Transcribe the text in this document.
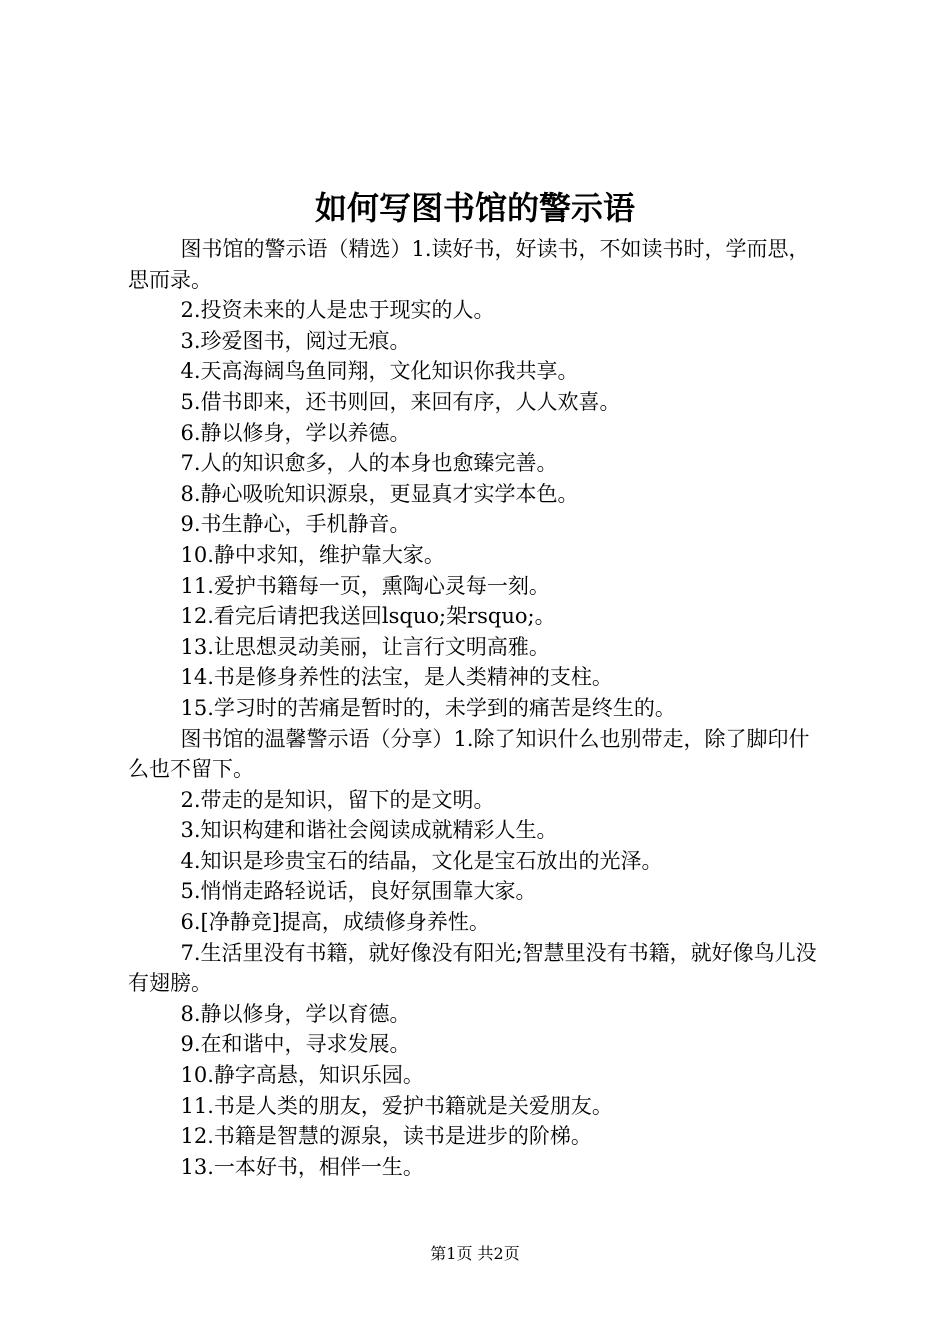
如何写图书馆的警示语

图书馆的警示语（精选）1.读好书，好读书，不如读书时，学而思，思而录。

2.投资未来的人是忠于现实的人。

3.珍爱图书，阅过无痕。

4.天高海阔鸟鱼同翔，文化知识你我共享。

5.借书即来，还书则回，来回有序，人人欢喜。

6.静以修身，学以养德。

7.人的知识愈多，人的本身也愈臻完善。

8.静心吸吮知识源泉，更显真才实学本色。

9.书生静心，手机静音。

10.静中求知，维护靠大家。

11.爱护书籍每一页，熏陶心灵每一刻。

12.看完后请把我送回lsquo;架rsquo;。

13.让思想灵动美丽，让言行文明高雅。

14.书是修身养性的法宝，是人类精神的支柱。

15.学习时的苦痛是暂时的，未学到的痛苦是终生的。

图书馆的温馨警示语（分享）1.除了知识什么也别带走，除了脚印什么也不留下。

2.带走的是知识，留下的是文明。

3.知识构建和谐社会阅读成就精彩人生。

4.知识是珍贵宝石的结晶，文化是宝石放出的光泽。

5.悄悄走路轻说话，良好氛围靠大家。

6.[净静竞]提高，成绩修身养性。

7.生活里没有书籍，就好像没有阳光;智慧里没有书籍，就好像鸟儿没有翅膀。

8.静以修身，学以育德。

9.在和谐中，寻求发展。

10.静字高悬，知识乐园。

11.书是人类的朋友，爱护书籍就是关爱朋友。

12.书籍是智慧的源泉，读书是进步的阶梯。

13.一本好书，相伴一生。

第1页 共2页
